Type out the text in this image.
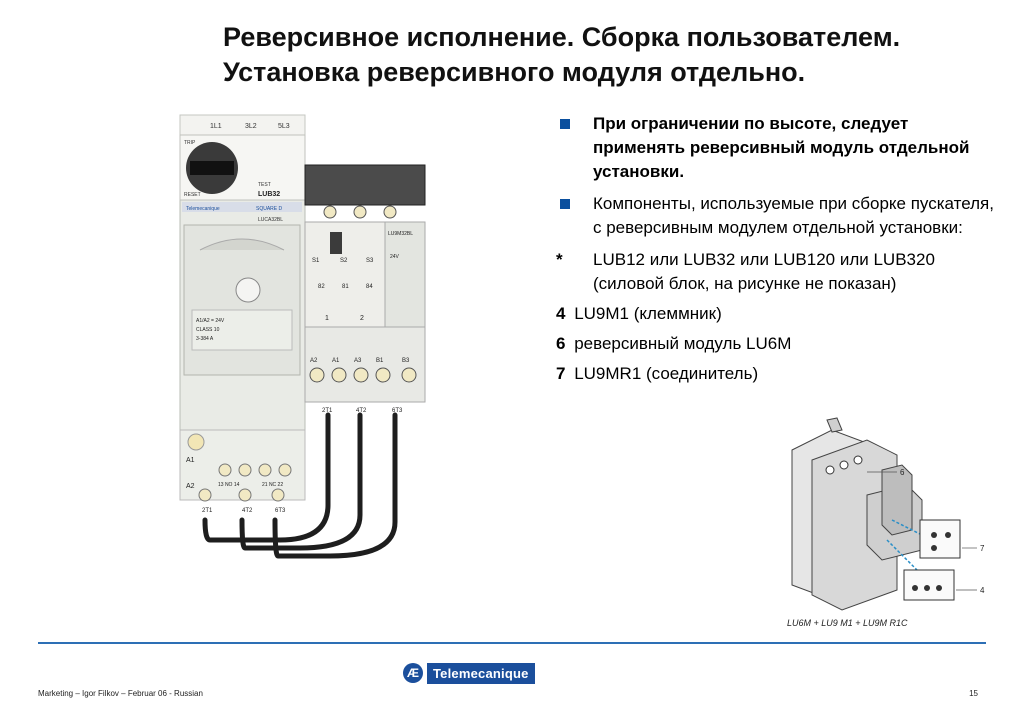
Реверсивное исполнение. Сборка пользователем.
Установка реверсивного модуля отдельно.
1L1	3L2	5L3
TRIP
RESET
TEST
LUB32
Telemecanique	SQUARE D
LUCA32BL
A1/A2 = 24V
CLASS 10
3-384 A
A1
A2	13 NO 14	21 NC 22
2T1	4T2	6T3
LU9M32BL
24V
S1	S2	S3
82	81	84
1	2
A2 A1 A3 B1	B3
2T1	4T2	6T3
При ограничении по высоте, следует применять реверсивный модуль отдельной установки.
Компоненты, используемые при сборке пускателя, с реверсивным модулем отдельной установки:
* LUB12 или LUB32 или LUB120 или LUB320 (силовой блок, на рисунке не показан)
4 LU9M1 (клеммник)
6 реверсивный модуль LU6M
7 LU9MR1 (соединитель)
6
7
4
LU6M + LU9 M1 + LU9M R1C
Æ	Telemecanique
Marketing – Igor Filkov – Februar 06 - Russian	15
